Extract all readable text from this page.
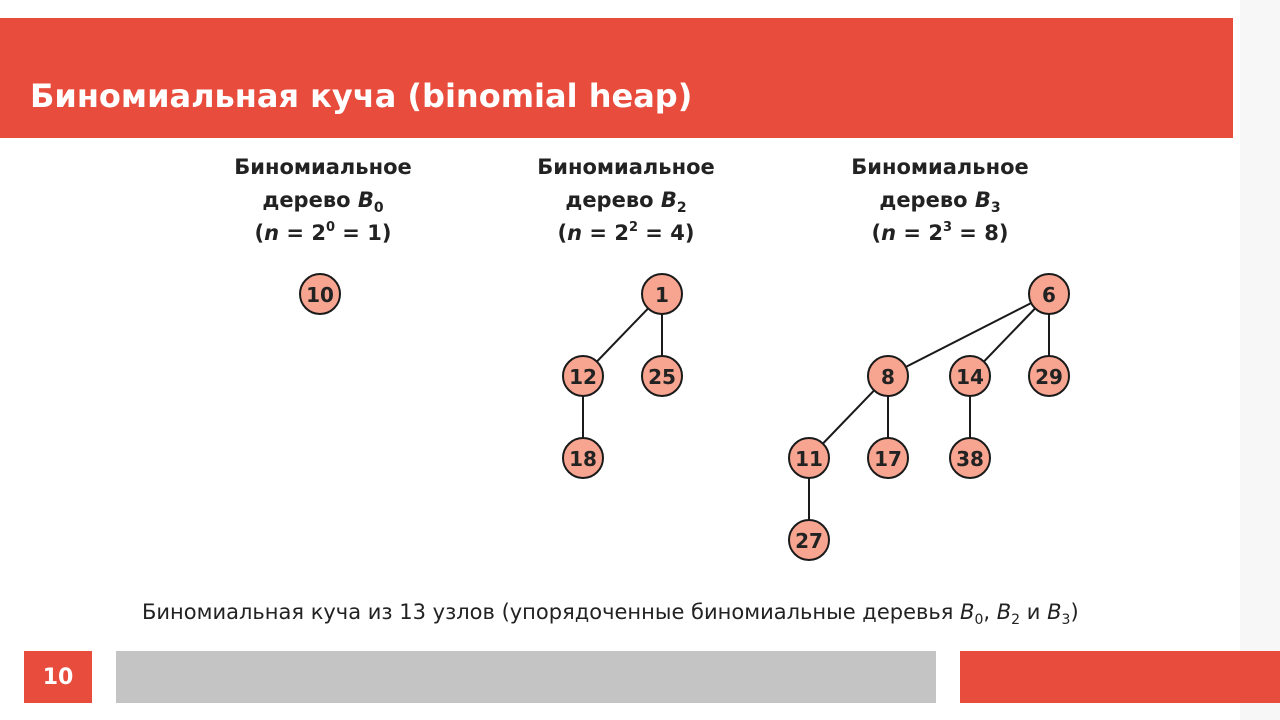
Биномиальная куча (binomial heap)
Биномиальное
дерево $B_0$
$(n = 2^0 = 1)$
Биномиальное
дерево $B_2$
$(n = 2^2 = 4)$
Биномиальное
дерево $B_3$
$(n = 2^3 = 8)$
10	1
12	25
18
6
8	14	29
11	17	38
27
Биномиальная куча из 13 узлов (упорядоченные биномиальные деревья $B_0$, $B_2$ и $B_3$)
10
